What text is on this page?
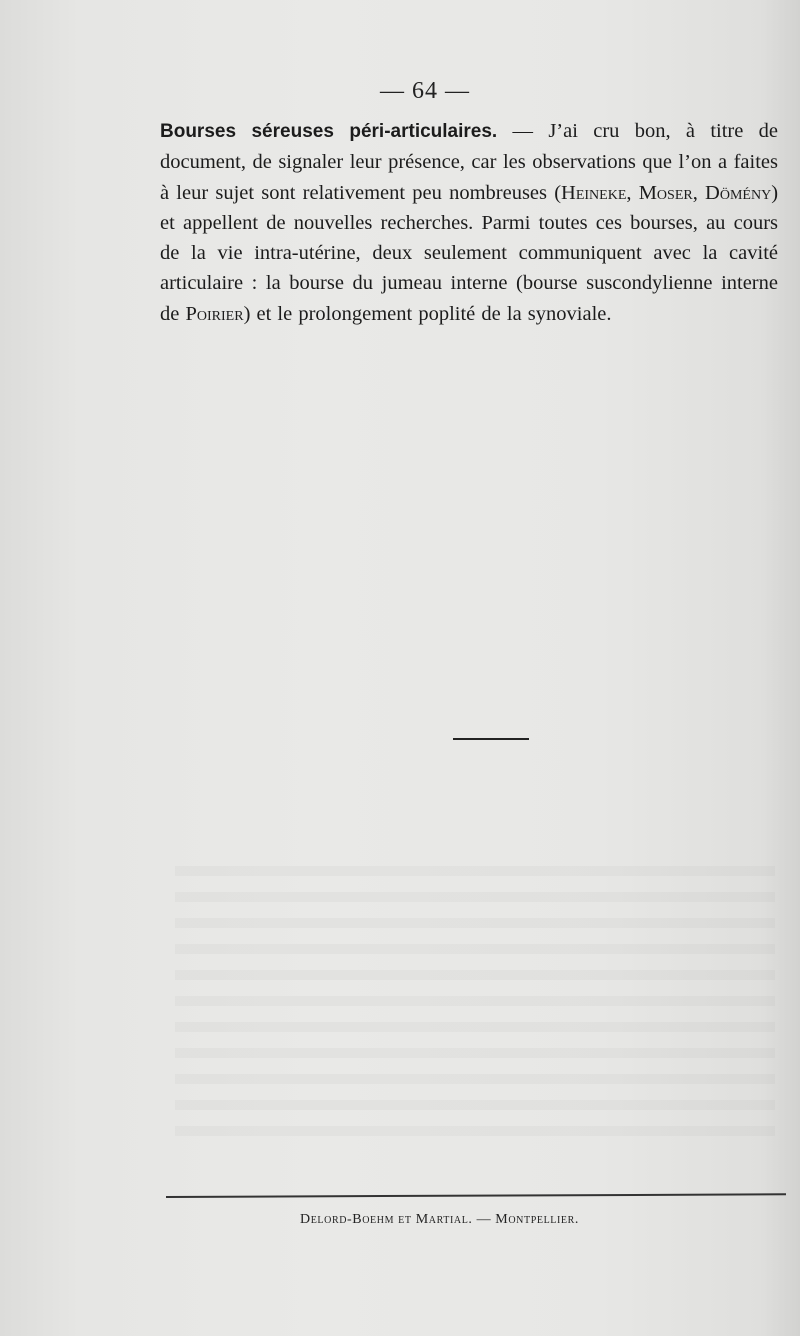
— 64 —

Bourses séreuses péri-articulaires. — J’ai cru bon, à titre de document, de signaler leur présence, car les observations que l’on a faites à leur sujet sont relativement peu nombreuses (Heineke, Moser, Dömény) et appellent de nouvelles recherches. Parmi toutes ces bourses, au cours de la vie intra-utérine, deux seulement communiquent avec la cavité articulaire : la bourse du jumeau interne (bourse suscondylienne interne de Poirier) et le prolongement poplité de la synoviale.

Delord-Boehm et Martial. — Montpellier.
